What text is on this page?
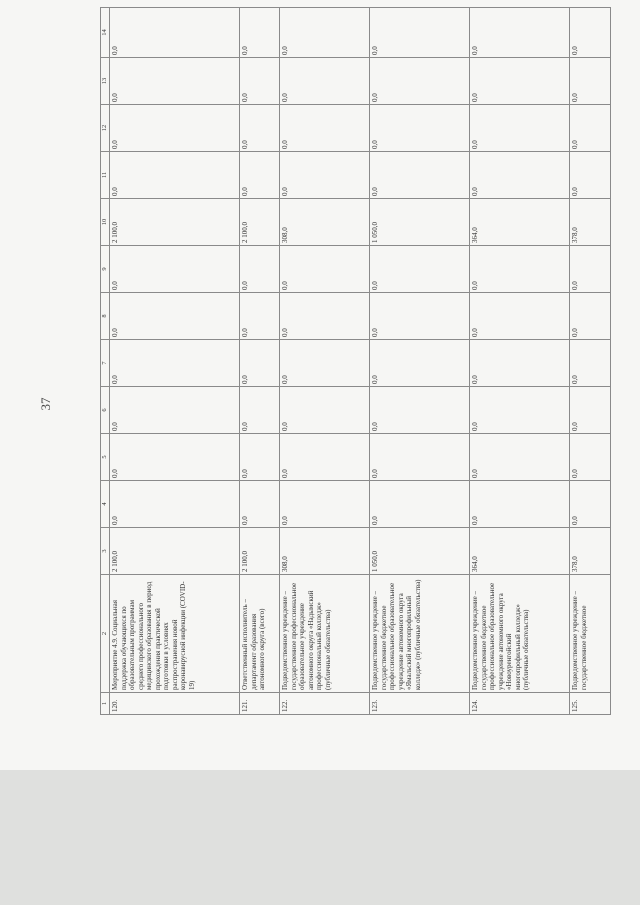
37
1	2	3	4	5	6	7	8	9	10	11	12	13	14
120.	Мероприятие 4.9. Социальная поддержка обучающихся по образовательным программам среднего профессионального медицинского образования в период прохождения практической подготовки в условиях распространения новой коронавирусной инфекции (COVID-19)	2 100,0	0,0	0,0	0,0	0,0	0,0	0,0	2 100,0	0,0	0,0	0,0	0,0
121.	Ответственный исполнитель – департамент образования автономного округа (всего)	2 100,0	0,0	0,0	0,0	0,0	0,0	0,0	2 100,0	0,0	0,0	0,0	0,0
122.	Подведомственное учреждение – государственное профессиональное образовательное учреждение автономного округа «Надымский профессиональный колледж» (публичные обязательства)	308,0	0,0	0,0	0,0	0,0	0,0	0,0	308,0	0,0	0,0	0,0	0,0
123.	Подведомственное учреждение – государственное бюджетное профессиональное образовательное учреждение автономного округа «Ямальский многопрофильный колледж» (публичные обязательства)	1 050,0	0,0	0,0	0,0	0,0	0,0	0,0	1 050,0	0,0	0,0	0,0	0,0
124.	Подведомственное учреждение – государственное бюджетное профессиональное образовательное учреждение автономного округа «Новоуренгойский многопрофильный колледж» (публичные обязательства)	364,0	0,0	0,0	0,0	0,0	0,0	0,0	364,0	0,0	0,0	0,0	0,0
125.	Подведомственное учреждение – государственное бюджетное	378,0	0,0	0,0	0,0	0,0	0,0	0,0	378,0	0,0	0,0	0,0	0,0
